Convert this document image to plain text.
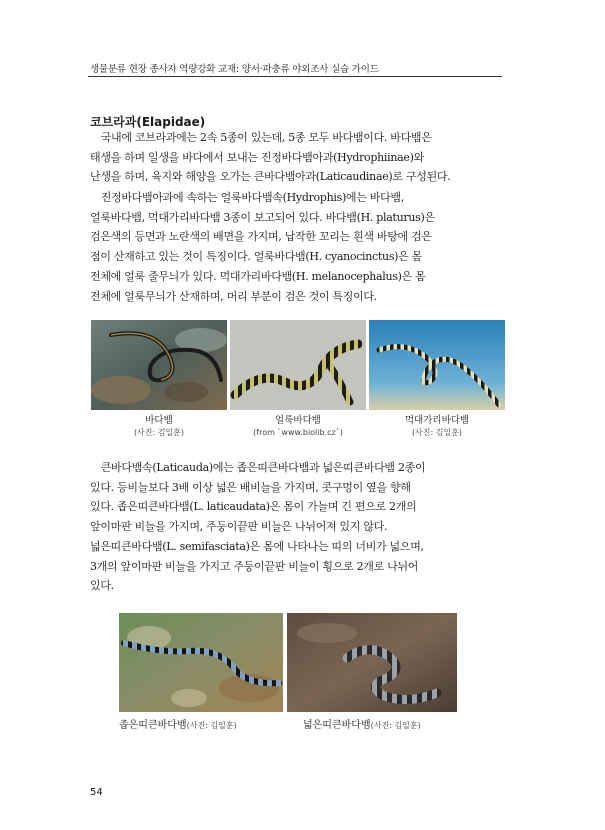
생물분류 현장 종사자 역량강화 교재: 양서·파충류 야외조사 실습 가이드
코브라과(Elapidae)

　국내에 코브라과에는 2속 5종이 있는데, 5종 모두 바다뱀이다. 바다뱀은
태생을 하며 일생을 바다에서 보내는 진정바다뱀아과(Hydrophiinae)와
난생을 하며, 육지와 해양을 오가는 큰바다뱀아과(Laticaudinae)로 구성된다.

　진정바다뱀아과에 속하는 얼룩바다뱀속(Hydrophis)에는 바다뱀,
얼룩바다뱀, 먹대가리바다뱀 3종이 보고되어 있다. 바다뱀(H. platurus)은
검은색의 등면과 노란색의 배면을 가지며, 납작한 꼬리는 흰색 바탕에 검은
점이 산재하고 있는 것이 특징이다. 얼룩바다뱀(H. cyanocinctus)은 몸
전체에 얼룩 줄무늬가 있다. 먹대가리바다뱀(H. melanocephalus)은 몸
전체에 얼룩무늬가 산재하며, 머리 부분이 검은 것이 특징이다.

바다뱀
(사진: 김일훈)
얼룩바다뱀
(from `www.biolib.cz`)
먹대가리바다뱀
(사진: 김일훈)

　큰바다뱀속(Laticauda)에는 좁은띠큰바다뱀과 넓은띠큰바다뱀 2종이
있다. 등비늘보다 3배 이상 넓은 배비늘을 가지며, 콧구멍이 옆을 향해
있다. 좁은띠큰바다뱀(L. laticaudata)은 몸이 가늘며 긴 편으로 2개의
앞이마판 비늘을 가지며, 주둥이끝판 비늘은 나뉘어져 있지 않다.
넓은띠큰바다뱀(L. semifasciata)은 몸에 나타나는 띠의 너비가 넓으며,
3개의 앞이마판 비늘을 가지고 주둥이끝판 비늘이 횡으로 2개로 나뉘어
있다.

좁은띠큰바다뱀(사진: 김일훈)	넓은띠큰바다뱀(사진: 김일훈)
54
